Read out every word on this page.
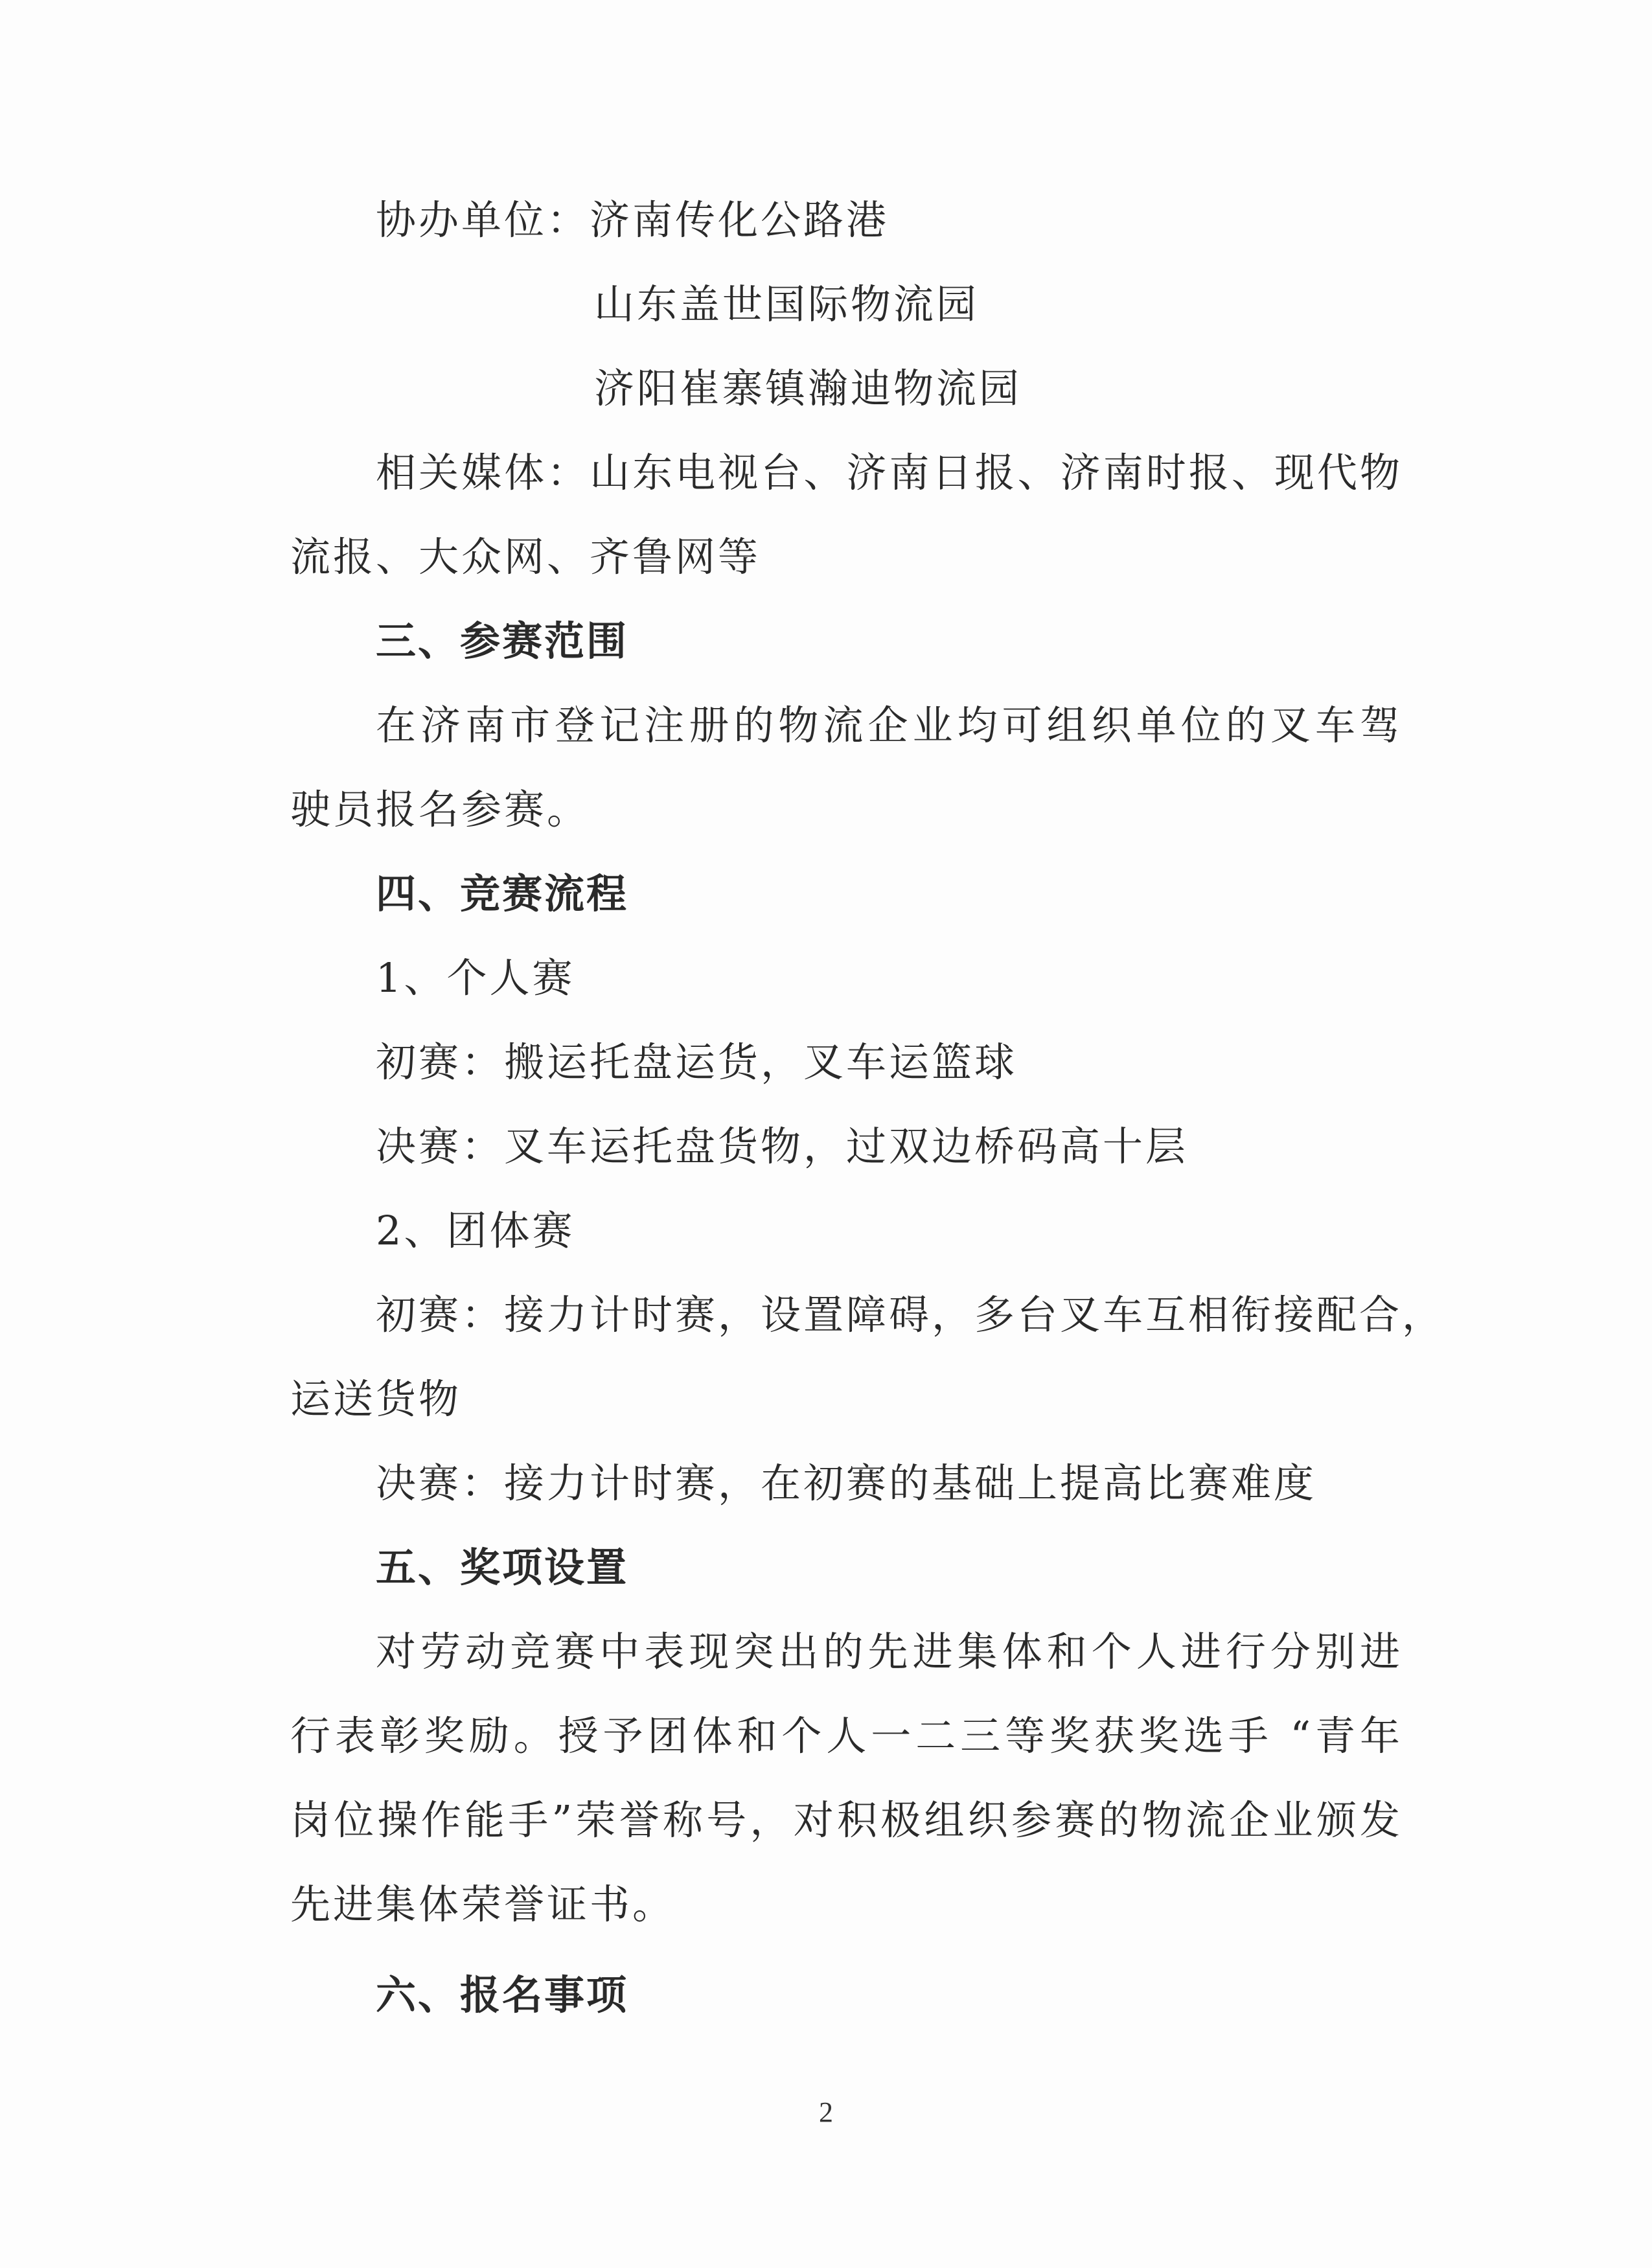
协办单位：济南传化公路港
山东盖世国际物流园
济阳崔寨镇瀚迪物流园
相关媒体：山东电视台、济南日报、济南时报、现代物
流报、大众网、齐鲁网等
三、参赛范围
在济南市登记注册的物流企业均可组织单位的叉车驾
驶员报名参赛。
四、竞赛流程
1、个人赛
初赛：搬运托盘运货，叉车运篮球
决赛：叉车运托盘货物，过双边桥码高十层
2、团体赛
初赛：接力计时赛，设置障碍，多台叉车互相衔接配合，
运送货物
决赛：接力计时赛，在初赛的基础上提高比赛难度
五、奖项设置
对劳动竞赛中表现突出的先进集体和个人进行分别进
行表彰奖励。授予团体和个人一二三等奖获奖选手 “青年
岗位操作能手”荣誉称号，对积极组织参赛的物流企业颁发
先进集体荣誉证书。
六、报名事项
2
